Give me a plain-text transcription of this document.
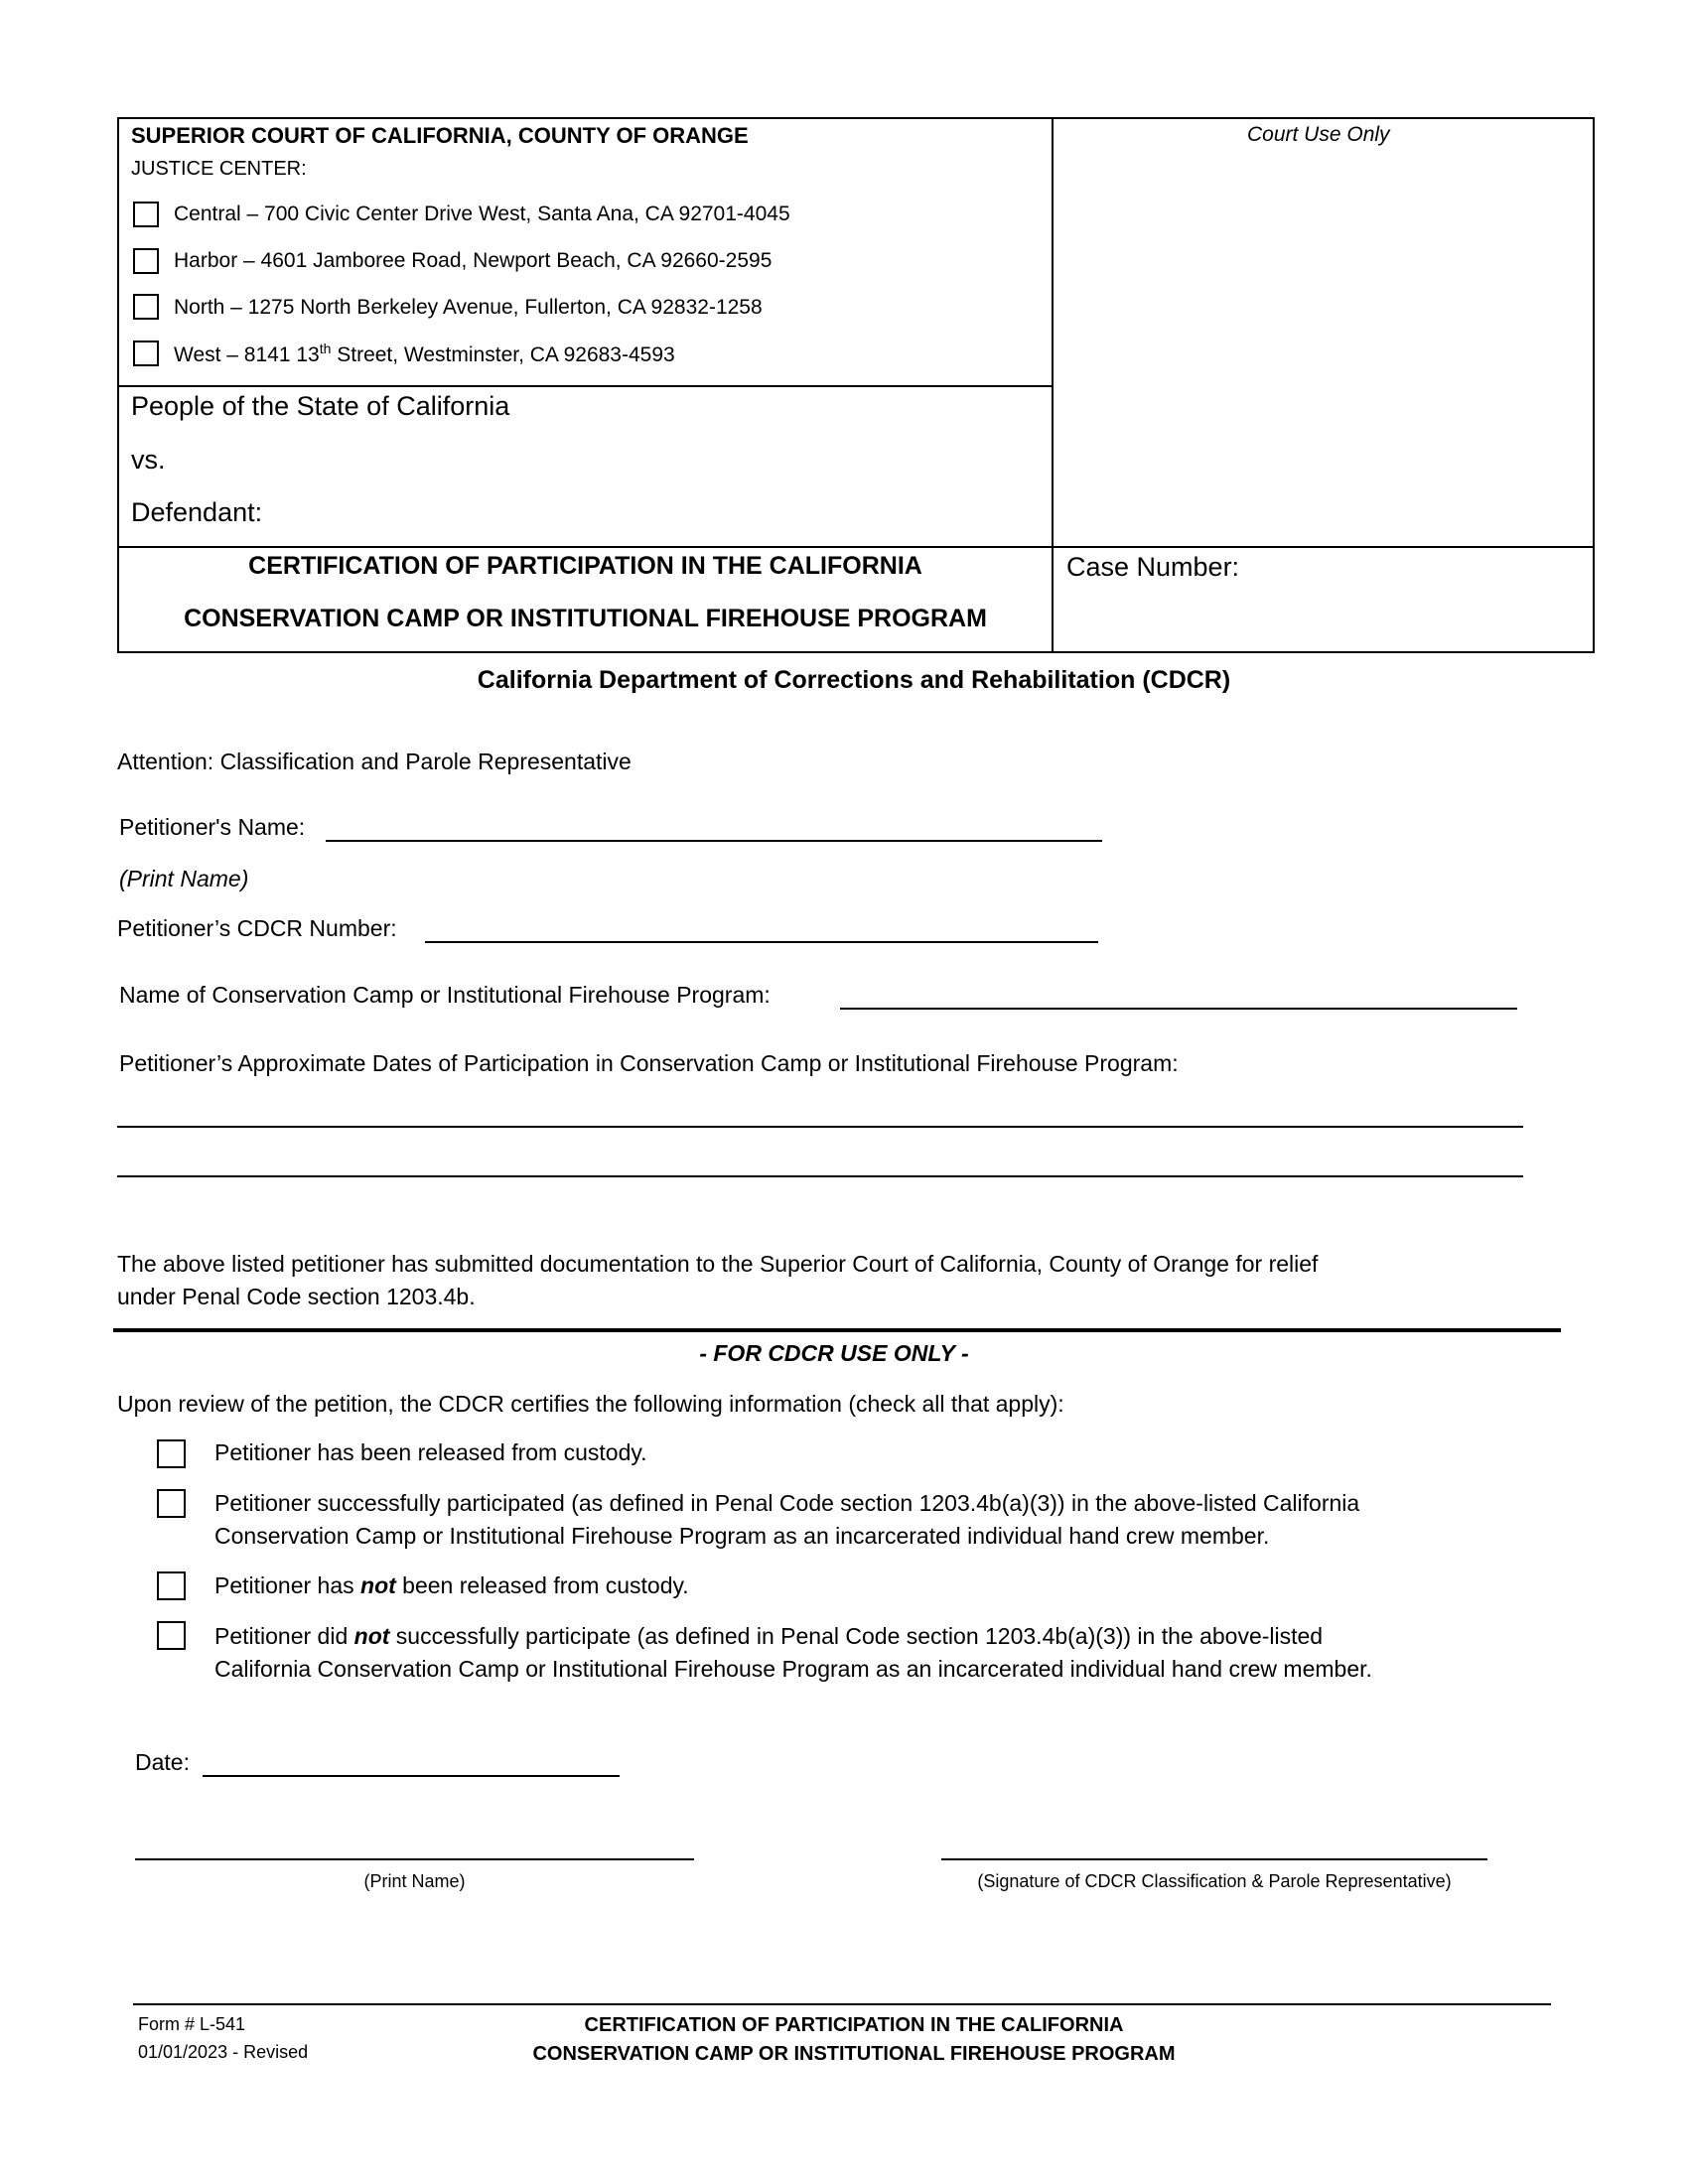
SUPERIOR COURT OF CALIFORNIA, COUNTY OF ORANGE
JUSTICE CENTER:
Central – 700 Civic Center Drive West, Santa Ana, CA 92701-4045
Harbor – 4601 Jamboree Road, Newport Beach, CA 92660-2595
North – 1275 North Berkeley Avenue, Fullerton, CA 92832-1258
West – 8141 13th Street, Westminster, CA 92683-4593
Court Use Only
People of the State of California
vs.
Defendant:
CERTIFICATION OF PARTICIPATION IN THE CALIFORNIA
CONSERVATION CAMP OR INSTITUTIONAL FIREHOUSE PROGRAM
Case Number:
California Department of Corrections and Rehabilitation (CDCR)
Attention: Classification and Parole Representative
Petitioner's Name:
(Print Name)
Petitioner’s CDCR Number:
Name of Conservation Camp or Institutional Firehouse Program:
Petitioner’s Approximate Dates of Participation in Conservation Camp or Institutional Firehouse Program:
The above listed petitioner has submitted documentation to the Superior Court of California, County of Orange for relief
under Penal Code section 1203.4b.
- FOR CDCR USE ONLY -
Upon review of the petition, the CDCR certifies the following information (check all that apply):
Petitioner has been released from custody.
Petitioner successfully participated (as defined in Penal Code section 1203.4b(a)(3)) in the above-listed California
Conservation Camp or Institutional Firehouse Program as an incarcerated individual hand crew member.
Petitioner has not been released from custody.
Petitioner did not successfully participate (as defined in Penal Code section 1203.4b(a)(3)) in the above-listed
California Conservation Camp or Institutional Firehouse Program as an incarcerated individual hand crew member.
Date:
(Print Name)	(Signature of CDCR Classification & Parole Representative)
Form # L-541
01/01/2023 - Revised
CERTIFICATION OF PARTICIPATION IN THE CALIFORNIA
CONSERVATION CAMP OR INSTITUTIONAL FIREHOUSE PROGRAM
